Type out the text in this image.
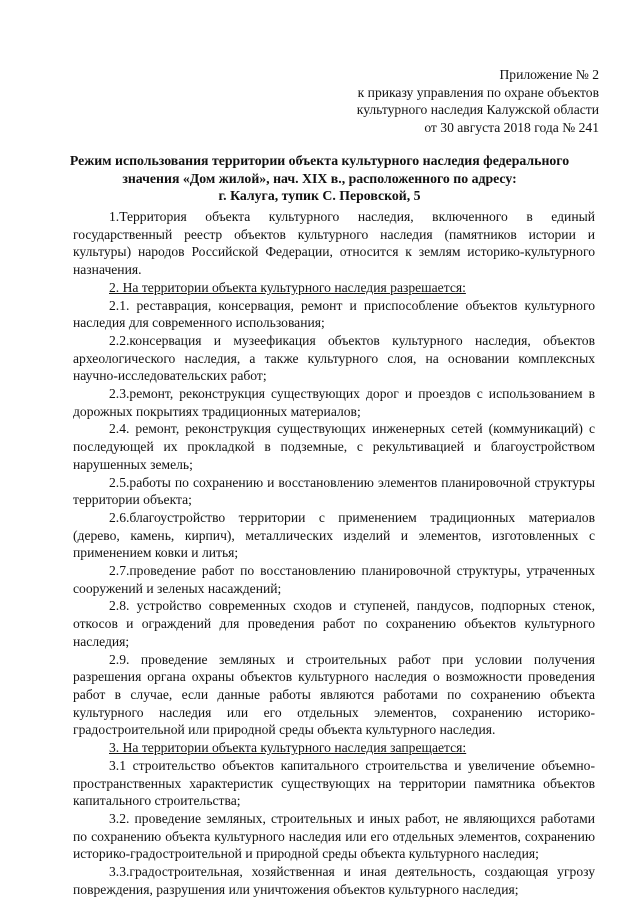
Приложение № 2
к приказу управления по охране объектов
культурного наследия Калужской области
от 30 августа 2018 года № 241
Режим использования территории объекта культурного наследия федерального
значения «Дом жилой», нач. XIX в., расположенного по адресу:
г. Калуга, тупик С. Перовской, 5

1.Территория объекта культурного наследия, включенного в единый государственный реестр объектов культурного наследия (памятников истории и культуры) народов Российской Федерации, относится к землям историко-культурного назначения.

2. На территории объекта культурного наследия разрешается:

2.1. реставрация, консервация, ремонт и приспособление объектов культурного наследия для современного использования;

2.2.консервация и музеефикация объектов культурного наследия, объектов археологического наследия, а также культурного слоя, на основании комплексных научно-исследовательских работ;

2.3.ремонт, реконструкция существующих дорог и проездов с использованием в дорожных покрытиях традиционных материалов;

2.4. ремонт, реконструкция существующих инженерных сетей (коммуникаций) с последующей их прокладкой в подземные, с рекультивацией и благоустройством нарушенных земель;

2.5.работы по сохранению и восстановлению элементов планировочной структуры территории объекта;

2.6.благоустройство территории с применением традиционных материалов (дерево, камень, кирпич), металлических изделий и элементов, изготовленных с применением ковки и литья;

2.7.проведение работ по восстановлению планировочной структуры, утраченных сооружений и зеленых насаждений;

2.8. устройство современных сходов и ступеней, пандусов, подпорных стенок, откосов и ограждений для проведения работ по сохранению объектов культурного наследия;

2.9. проведение земляных и строительных работ при условии получения разрешения органа охраны объектов культурного наследия о возможности проведения работ в случае, если данные работы являются работами по сохранению объекта культурного наследия или его отдельных элементов, сохранению историко-градостроительной или природной среды объекта культурного наследия.

3. На территории объекта культурного наследия запрещается:

3.1 строительство объектов капитального строительства и увеличение объемно-пространственных характеристик существующих на территории памятника объектов капитального строительства;

3.2. проведение земляных, строительных и иных работ, не являющихся работами по сохранению объекта культурного наследия или его отдельных элементов, сохранению историко-градостроительной и природной среды объекта культурного наследия;

3.3.градостроительная, хозяйственная и иная деятельность, создающая угрозу повреждения, разрушения или уничтожения объектов культурного наследия;
